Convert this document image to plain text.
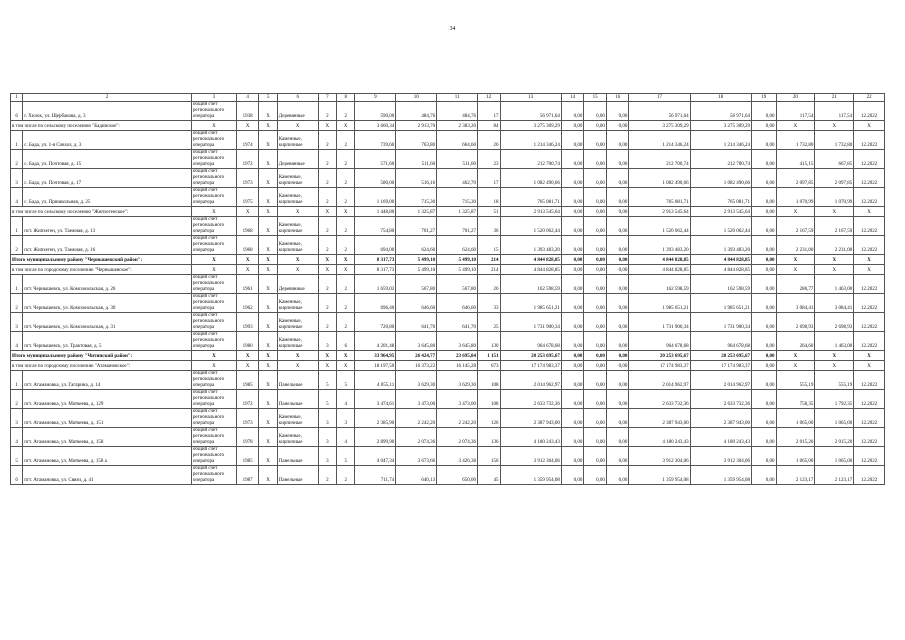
34
1	2	3	4	5	6	7	8	9	10	11	12	13	14	15	16	17	18	19	20	21	22
6	г. Хилок, ул. Щербакова, д. 3	общий счет регионального оператора	1938	Х	Деревянные	2	2	590,00	484,76	484,76	17	56 971,64	0,00	0,00	0,00	56 971,64	56 971,64	0,00	117,54	117,54	12.2022
в том числе по сельскому поселению "Бадинское":		Х	Х	Х	Х	Х	Х	3 660,34	2 913,70	2 383,20	84	3 275 309,29	0,00	0,00	0,00	3 275 309,29	3 275 309,29	0,00	Х	Х	Х
1	с. Бада, ул. 1-я Совхоз, д. 3	общий счет регионального оператора	1974	Х	Каменные, кирпичные	2	2	739,60	763,80	664,60	26	1 214 346,24	0,00	0,00	0,00	1 214 346,24	1 214 346,24	0,00	1 732,80	1 732,80	12.2022
2	с. Бада, ул. Почтовая, д. 15	общий счет регионального оператора	1972	Х	Деревянные	2	2	571,60	511,60	511,60	23	212 700,74	0,00	0,00	0,00	212 700,74	212 700,74	0,00	415,15	667,85	12.2022
3	с. Бада, ул. Почтовая, д. 17	общий счет регионального оператора	1973	Х	Каменные, кирпичные	2	2	580,00	516,16	462,70	17	1 082 490,66	0,00	0,00	0,00	1 082 490,66	1 082 490,66	0,00	2 097,85	2 097,85	12.2022
4	с. Бада, ул. Пришкольная, д. 25	общий счет регионального оператора	1975	Х	Каменные, кирпичные	2	2	1 169,00	715,30	715,30	18	765 081,71	0,00	0,00	0,00	765 081,71	765 081,71	0,00	1 070,99	1 070,99	12.2022
в том числе по сельскому поселению "Жипхегенское":		Х	Х	Х	Х	Х	Х	1 448,80	1 325,87	1 325,87	51	2 913 545,64	0,00	0,00	0,00	2 913 545,64	2 913 545,64	0,00	Х	Х	Х
1	пст. Жипхеген, ул. Таежная, д. 13	общий счет регионального оператора	1968	Х	Каменные, кирпичные	2	2	754,80	701,27	701,27	36	1 520 062,44	0,00	0,00	0,00	1 520 062,44	1 520 062,44	0,00	2 167,59	2 167,59	12.2022
2	пст. Жипхеген, ул. Таежная, д. 16	общий счет регионального оператора	1968	Х	Каменные, кирпичные	2	2	694,00	624,60	624,60	15	1 393 483,20	0,00	0,00	0,00	1 393 483,20	1 393 483,20	0,00	2 231,00	2 231,00	12.2022
Итого муниципальному району "Чернышевский район":		Х	Х	Х	Х	Х	Х	8 317,73	5 499,10	5 499,10	214	4 844 828,85	0,00	0,00	0,00	4 844 828,85	4 844 828,85	0,00	Х	Х	Х
в том числе по городскому поселению "Чернышевское":		Х	Х	Х	Х	Х	Х	8 317,73	5 499,10	5 499,10	214	4 844 828,85	0,00	0,00	0,00	4 844 828,85	4 844 828,85	0,00	Х	Х	Х
1	пгт. Чернышевск, ул. Комсомольская, д. 26	общий счет регионального оператора	1961	Х	Деревянные	2	2	1 659,03	567,80	567,80	26	162 598,59	0,00	0,00	0,00	162 598,59	162 598,59	0,00	286,77	1 463,00	12.2022
2	пгт. Чернышевск, ул. Комсомольская, д. 30	общий счет регионального оператора	1962	Х	Каменные, кирпичные	2	2	696,40	646,60	646,60	33	1 985 651,21	0,00	0,00	0,00	1 985 651,21	1 985 651,21	0,00	3 084,41	3 084,41	12.2022
3	пгт. Чернышевск, ул. Комсомольская, д. 31	общий счет регионального оператора	1993	Х	Каменные, кирпичные	2	2	720,80	641,70	641,70	25	1 731 900,34	0,00	0,00	0,00	1 731 900,34	1 731 900,34	0,00	2 698,93	2 698,93	12.2022
4	пгт. Чернышевск, ул. Трактовая, д. 5	общий счет регионального оператора	1980	Х	Каменные, кирпичные	3	6	4 201,48	3 645,80	3 645,80	130	964 678,68	0,00	0,00	0,00	964 678,68	964 678,68	0,00	264,60	1 463,00	12.2022
Итого муниципальному району "Читинский район":		Х	Х	Х	Х	Х	Х	33 964,95	26 424,77	23 695,84	1 151	20 253 695,67	0,00	0,00	0,00	20 253 695,67	20 253 695,67	0,00	Х	Х	Х
в том числе по городскому поселению "Атамановское":		Х	Х	Х	Х	Х	Х	18 197,50	16 373,22	16 145,28	673	17 174 983,37	0,00	0,00	0,00	17 174 983,37	17 174 983,37	0,00	Х	Х	Х
1	пгт. Атамановка, ул. Гагарина, д. 14	общий счет регионального оператора	1985	Х	Панельные	5	5	4 055,11	3 629,30	3 629,30	108	2 014 962,97	0,00	0,00	0,00	2 014 962,97	2 014 962,97	0,00	555,19	555,19	12.2022
2	пгт. Атамановка, ул. Матвеева, д. 129	общий счет регионального оператора	1972	Х	Панельные	5	4	3 474,61	3 473,00	3 473,00	108	2 633 732,36	0,00	0,00	0,00	2 633 732,36	2 633 732,36	0,00	758,35	1 792,35	12.2022
3	пгт. Атамановка, ул. Матвеева, д. 151	общий счет регионального оператора	1973	Х	Каменные, кирпичные	3	3	2 385,90	2 242,20	2 242,20	126	2 387 943,00	0,00	0,00	0,00	2 387 943,00	2 387 943,00	0,00	1 065,00	1 065,00	12.2022
4	пгт. Атамановка, ул. Матвеева, д. 158	общий счет регионального оператора	1978	Х	Каменные, кирпичные	3	4	2 899,90	2 074,36	2 074,36	136	4 180 243,43	0,00	0,00	0,00	4 180 243,43	4 180 243,43	0,00	2 015,20	2 015,20	12.2022
5	пгт. Атамановка, ул. Матвеева, д. 158 а	общий счет регионального оператора	1985	Х	Панельные	3	5	4 047,34	3 673,66	3 426,38	156	3 912 304,06	0,00	0,00	0,00	3 912 304,06	3 912 304,06	0,00	1 065,00	1 065,00	12.2022
6	пгт. Атамановка, ул. Связи, д. 41	общий счет регионального оператора	1987	Х	Панельные	2	2	711,74	640,13	650,00	45	1 359 954,08	0,00	0,00	0,00	1 359 954,08	1 359 954,08	0,00	2 123,17	2 123,17	12.2022
